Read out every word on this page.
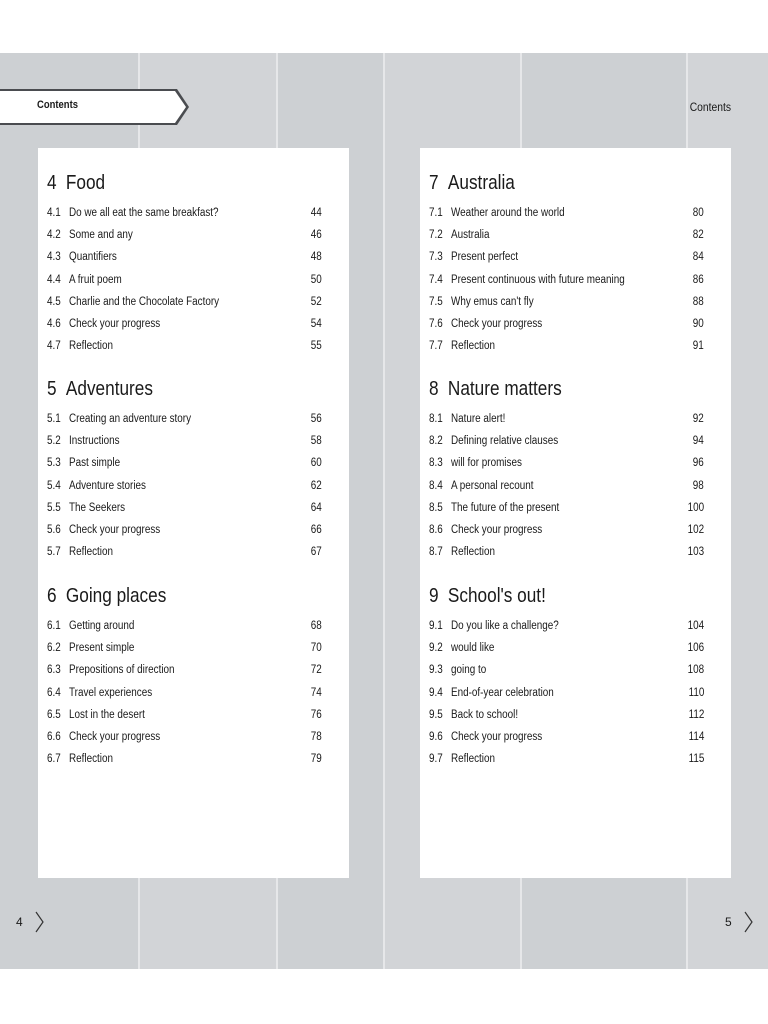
Contents	Contents
4 Food
4.1 Do we all eat the same breakfast?	44
4.2 Some and any	46
4.3 Quantifiers	48
4.4 A fruit poem	50
4.5 Charlie and the Chocolate Factory	52
4.6 Check your progress	54
4.7 Reflection	55
5 Adventures
5.1 Creating an adventure story	56
5.2 Instructions	58
5.3 Past simple	60
5.4 Adventure stories	62
5.5 The Seekers	64
5.6 Check your progress	66
5.7 Reflection	67
6 Going places
6.1 Getting around	68
6.2 Present simple	70
6.3 Prepositions of direction	72
6.4 Travel experiences	74
6.5 Lost in the desert	76
6.6 Check your progress	78
6.7 Reflection	79
7 Australia
7.1 Weather around the world	80
7.2 Australia	82
7.3 Present perfect	84
7.4 Present continuous with future meaning	86
7.5 Why emus can't fly	88
7.6 Check your progress	90
7.7 Reflection	91
8 Nature matters
8.1 Nature alert!	92
8.2 Defining relative clauses	94
8.3 will for promises	96
8.4 A personal recount	98
8.5 The future of the present	100
8.6 Check your progress	102
8.7 Reflection	103
9 School's out!
9.1 Do you like a challenge?	104
9.2 would like	106
9.3 going to	108
9.4 End-of-year celebration	110
9.5 Back to school!	112
9.6 Check your progress	114
9.7 Reflection	115
4	5
